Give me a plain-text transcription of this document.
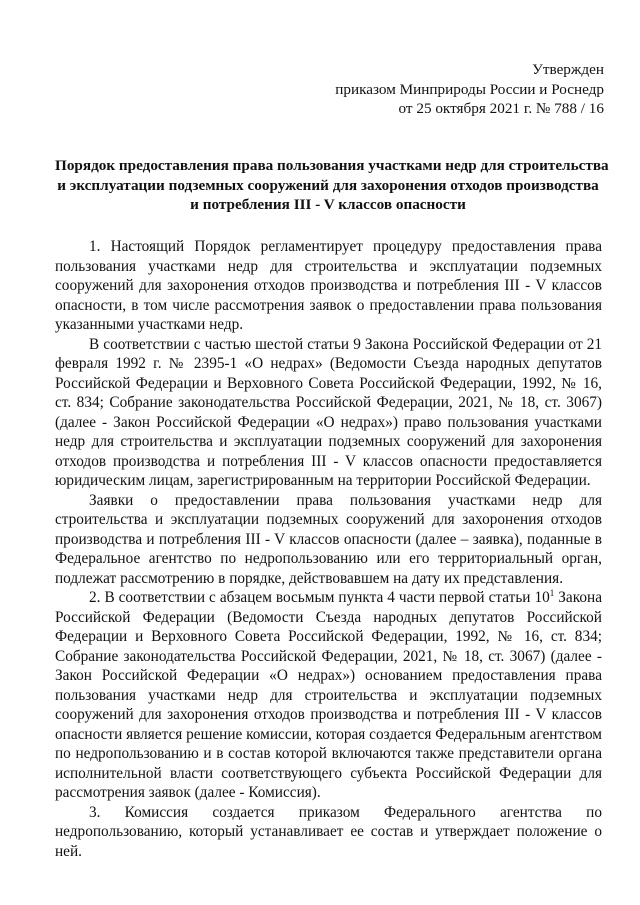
Утвержден
приказом Минприроды России и Роснедр
от 25 октября 2021 г. № 788 / 16
Порядок предоставления права пользования участками недр для строительства
и эксплуатации подземных сооружений для захоронения отходов производства
и потребления III - V классов опасности

1. Настоящий Порядок регламентирует процедуру предоставления права пользования участками недр для строительства и эксплуатации подземных сооружений для захоронения отходов производства и потребления III - V классов опасности, в том числе рассмотрения заявок о предоставлении права пользования указанными участками недр.

В соответствии с частью шестой статьи 9 Закона Российской Федерации от 21 февраля 1992 г. № 2395-1 «О недрах» (Ведомости Съезда народных депутатов Российской Федерации и Верховного Совета Российской Федерации, 1992, № 16, ст. 834; Собрание законодательства Российской Федерации, 2021, № 18, ст. 3067) (далее - Закон Российской Федерации «О недрах») право пользования участками недр для строительства и эксплуатации подземных сооружений для захоронения отходов производства и потребления III - V классов опасности предоставляется юридическим лицам, зарегистрированным на территории Российской Федерации.

Заявки о предоставлении права пользования участками недр для строительства и эксплуатации подземных сооружений для захоронения отходов производства и потребления III - V классов опасности (далее – заявка), поданные в Федеральное агентство по недропользованию или его территориальный орган, подлежат рассмотрению в порядке, действовавшем на дату их представления.

2. В соответствии с абзацем восьмым пункта 4 части первой статьи $10^1$ Закона Российской Федерации (Ведомости Съезда народных депутатов Российской Федерации и Верховного Совета Российской Федерации, 1992, № 16, ст. 834; Собрание законодательства Российской Федерации, 2021, № 18, ст. 3067) (далее - Закон Российской Федерации «О недрах») основанием предоставления права пользования участками недр для строительства и эксплуатации подземных сооружений для захоронения отходов производства и потребления III - V классов опасности является решение комиссии, которая создается Федеральным агентством по недропользованию и в состав которой включаются также представители органа исполнительной власти соответствующего субъекта Российской Федерации для рассмотрения заявок (далее - Комиссия).

3. Комиссия создается приказом Федерального агентства по недропользованию, который устанавливает ее состав и утверждает положение о ней.
